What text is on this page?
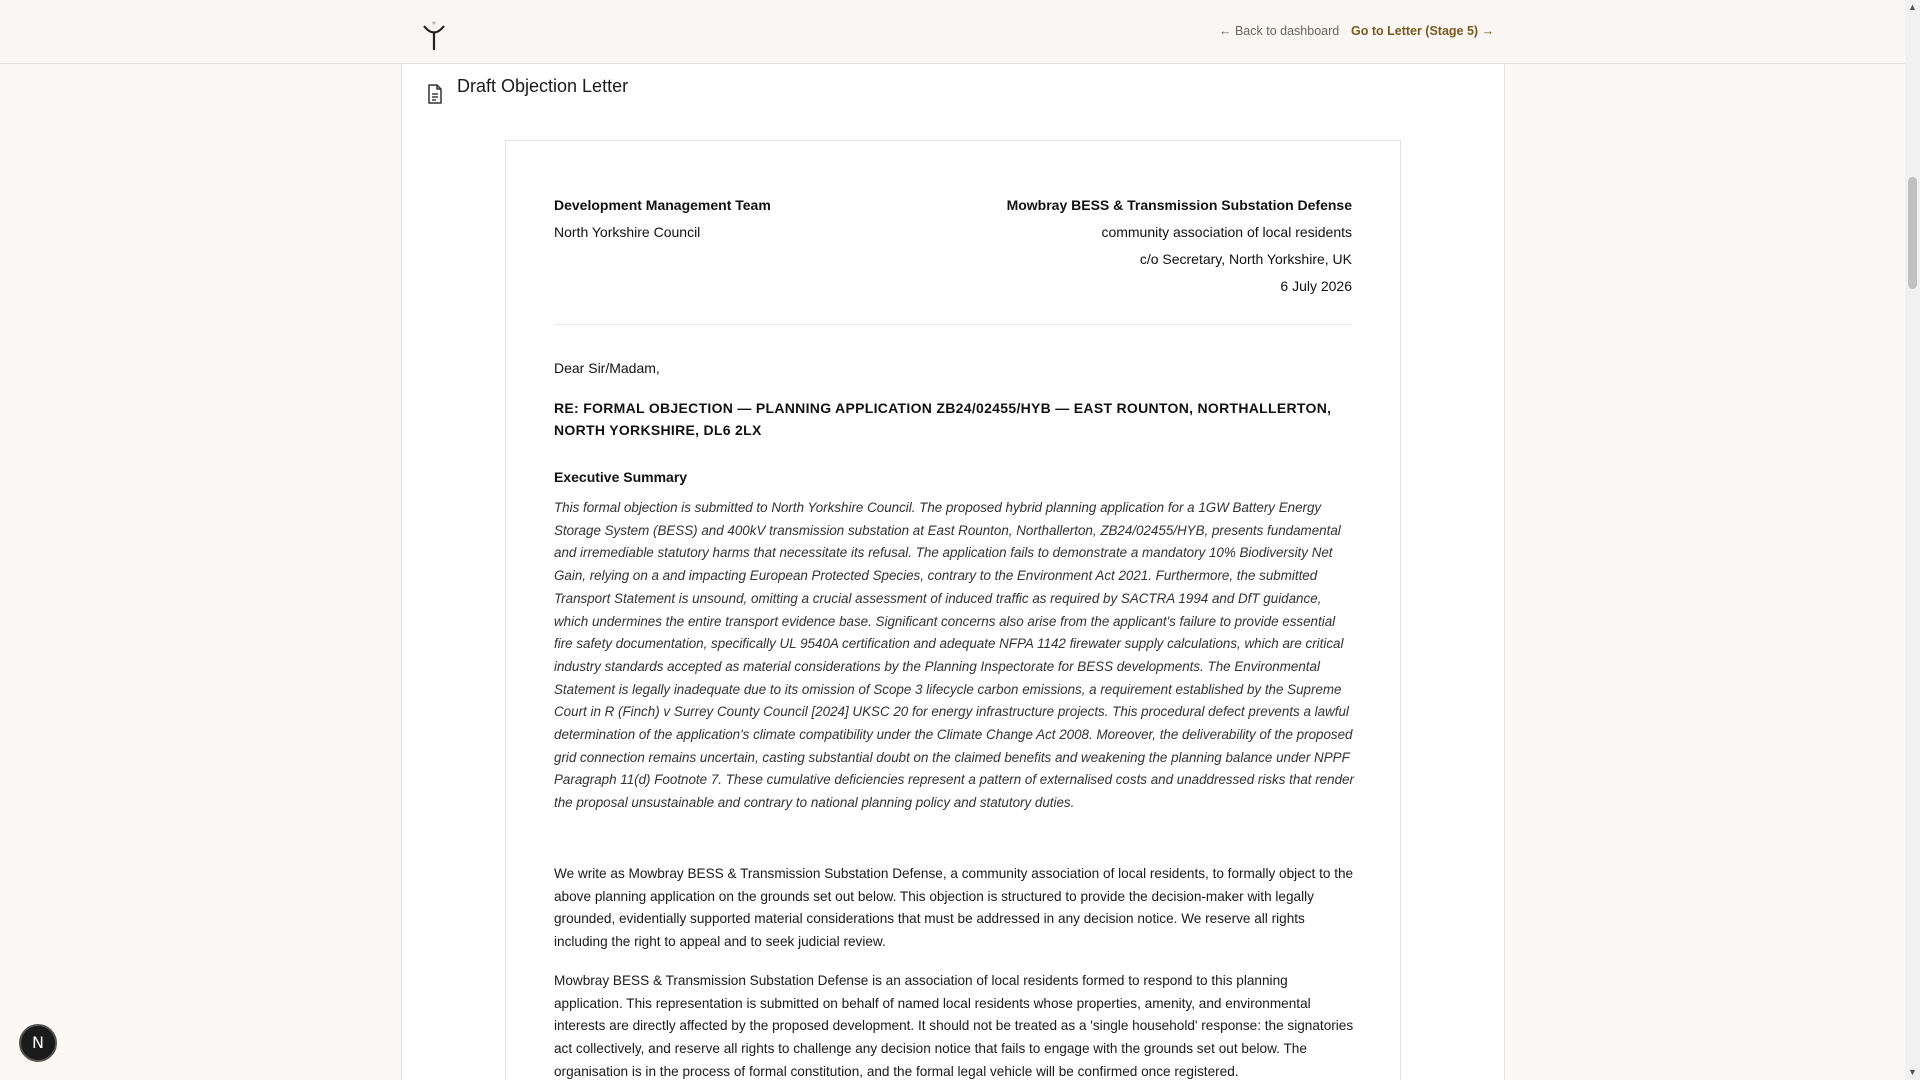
← Back to dashboard Go to Letter (Stage 5) →
Draft Objection Letter
Development Management Team
North Yorkshire Council
Mowbray BESS & Transmission Substation Defense
community association of local residents
c/o Secretary, North Yorkshire, UK
6 July 2026
Dear Sir/Madam,
RE: FORMAL OBJECTION — PLANNING APPLICATION ZB24/02455/HYB — EAST ROUNTON, NORTHALLERTON, NORTH YORKSHIRE, DL6 2LX
Executive Summary
This formal objection is submitted to North Yorkshire Council. The proposed hybrid planning application for a 1GW Battery Energy Storage System (BESS) and 400kV transmission substation at East Rounton, Northallerton, ZB24/02455/HYB, presents fundamental and irremediable statutory harms that necessitate its refusal. The application fails to demonstrate a mandatory 10% Biodiversity Net Gain, relying on a and impacting European Protected Species, contrary to the Environment Act 2021. Furthermore, the submitted Transport Statement is unsound, omitting a crucial assessment of induced traffic as required by SACTRA 1994 and DfT guidance, which undermines the entire transport evidence base. Significant concerns also arise from the applicant's failure to provide essential fire safety documentation, specifically UL 9540A certification and adequate NFPA 1142 firewater supply calculations, which are critical industry standards accepted as material considerations by the Planning Inspectorate for BESS developments. The Environmental Statement is legally inadequate due to its omission of Scope 3 lifecycle carbon emissions, a requirement established by the Supreme Court in R (Finch) v Surrey County Council [2024] UKSC 20 for energy infrastructure projects. This procedural defect prevents a lawful determination of the application's climate compatibility under the Climate Change Act 2008. Moreover, the deliverability of the proposed grid connection remains uncertain, casting substantial doubt on the claimed benefits and weakening the planning balance under NPPF Paragraph 11(d) Footnote 7. These cumulative deficiencies represent a pattern of externalised costs and unaddressed risks that render the proposal unsustainable and contrary to national planning policy and statutory duties.
We write as Mowbray BESS & Transmission Substation Defense, a community association of local residents, to formally object to the above planning application on the grounds set out below. This objection is structured to provide the decision-maker with legally grounded, evidentially supported material considerations that must be addressed in any decision notice. We reserve all rights including the right to appeal and to seek judicial review.
Mowbray BESS & Transmission Substation Defense is an association of local residents formed to respond to this planning application. This representation is submitted on behalf of named local residents whose properties, amenity, and environmental interests are directly affected by the proposed development. It should not be treated as a 'single household' response: the signatories act collectively, and reserve all rights to challenge any decision notice that fails to engage with the grounds set out below. The organisation is in the process of formal constitution, and the formal legal vehicle will be confirmed once registered.
▲
▼
N
